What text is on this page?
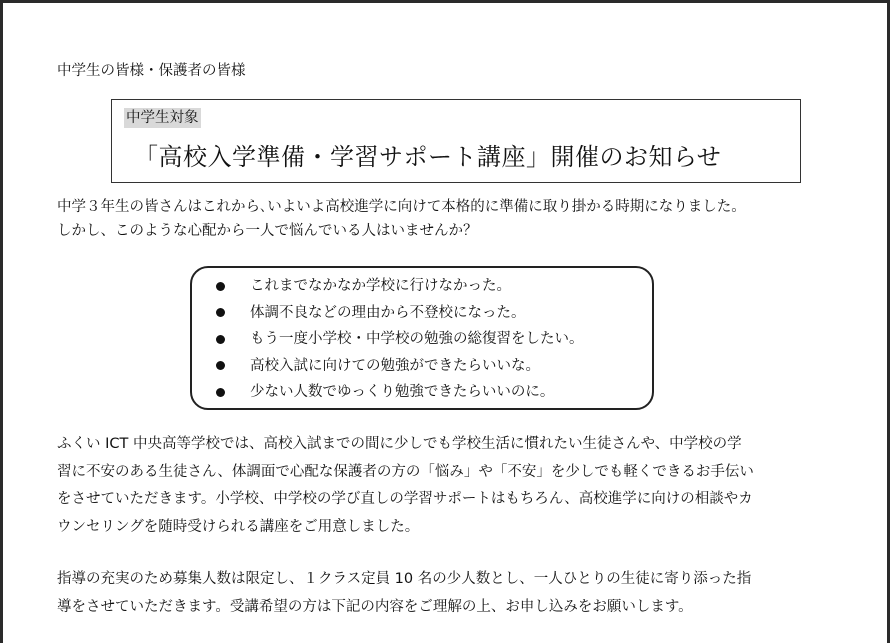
中学生の皆様・保護者の皆様
中学生対象
「高校入学準備・学習サポート講座」開催のお知らせ
中学３年生の皆さんはこれから､いよいよ高校進学に向けて本格的に準備に取り掛かる時期になりました。
しかし、このような心配から一人で悩んでいる人はいませんか？
これまでなかなか学校に行けなかった。
体調不良などの理由から不登校になった。
もう一度小学校・中学校の勉強の総復習をしたい。
高校入試に向けての勉強ができたらいいな。
少ない人数でゆっくり勉強できたらいいのに。
ふくい ICT 中央高等学校では、高校入試までの間に少しでも学校生活に慣れたい生徒さんや、中学校の学
習に不安のある生徒さん、体調面で心配な保護者の方の「悩み」や「不安」を少しでも軽くできるお手伝い
をさせていただきます。小学校、中学校の学び直しの学習サポートはもちろん、高校進学に向けの相談やカ
ウンセリングを随時受けられる講座をご用意しました。
指導の充実のため募集人数は限定し、１クラス定員 10 名の少人数とし、一人ひとりの生徒に寄り添った指
導をさせていただきます。受講希望の方は下記の内容をご理解の上、お申し込みをお願いします。
